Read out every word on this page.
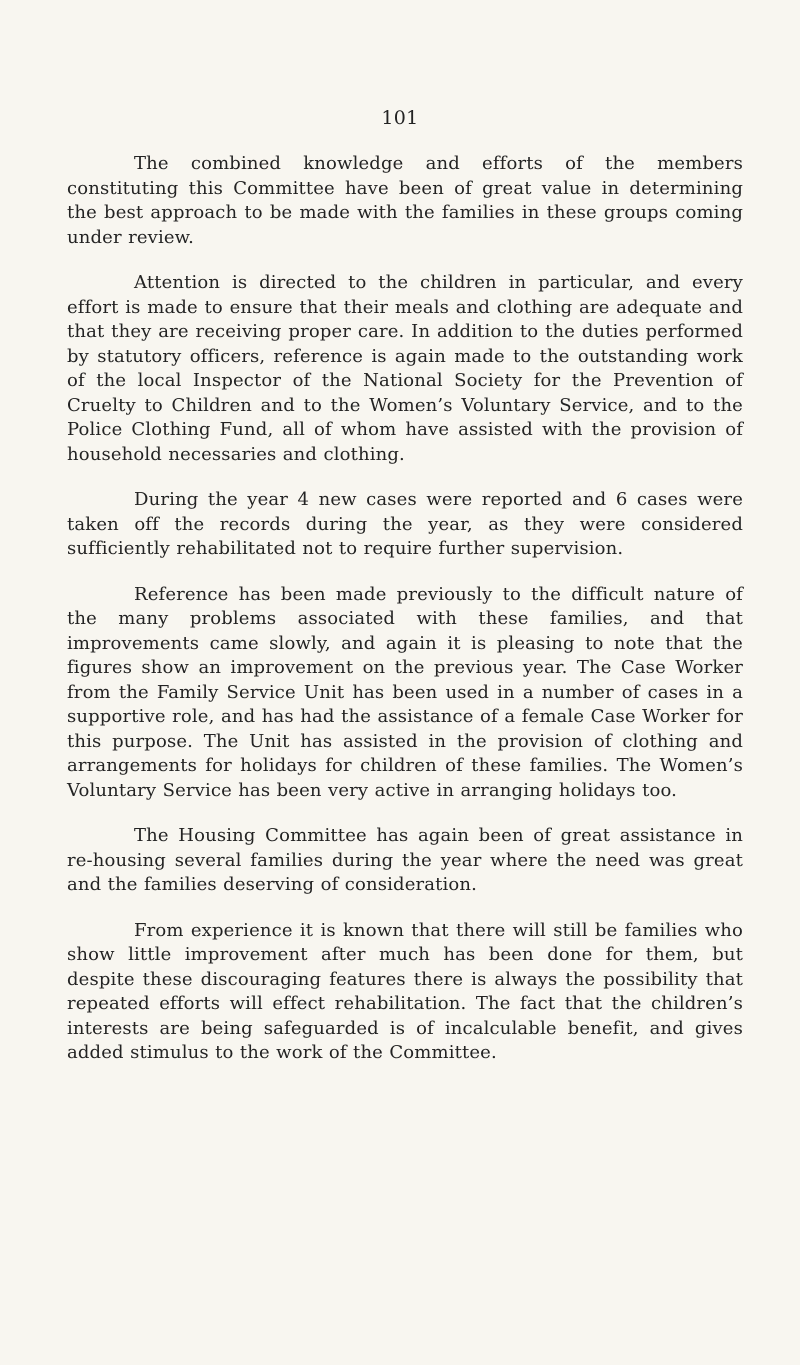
101

The combined knowledge and efforts of the members constituting this Committee have been of great value in determining the best approach to be made with the families in these groups coming under review.

Attention is directed to the children in particular, and every effort is made to ensure that their meals and clothing are adequate and that they are receiving proper care. In addition to the duties performed by statutory officers, reference is again made to the outstanding work of the local Inspector of the National Society for the Prevention of Cruelty to Children and to the Women’s Voluntary Service, and to the Police Clothing Fund, all of whom have assisted with the provision of household necessaries and clothing.

During the year 4 new cases were reported and 6 cases were taken off the records during the year, as they were considered sufficiently rehabilitated not to require further supervision.

Reference has been made previously to the difficult nature of the many problems associated with these families, and that improvements came slowly, and again it is pleasing to note that the figures show an improvement on the previous year. The Case Worker from the Family Service Unit has been used in a number of cases in a supportive role, and has had the assistance of a female Case Worker for this purpose. The Unit has assisted in the provision of clothing and arrangements for holidays for children of these families. The Women’s Voluntary Service has been very active in arranging holidays too.

The Housing Committee has again been of great assistance in re-housing several families during the year where the need was great and the families deserving of consideration.

From experience it is known that there will still be families who show little improvement after much has been done for them, but despite these discouraging features there is always the possibility that repeated efforts will effect rehabilitation. The fact that the children’s interests are being safeguarded is of incalculable benefit, and gives added stimulus to the work of the Committee.
